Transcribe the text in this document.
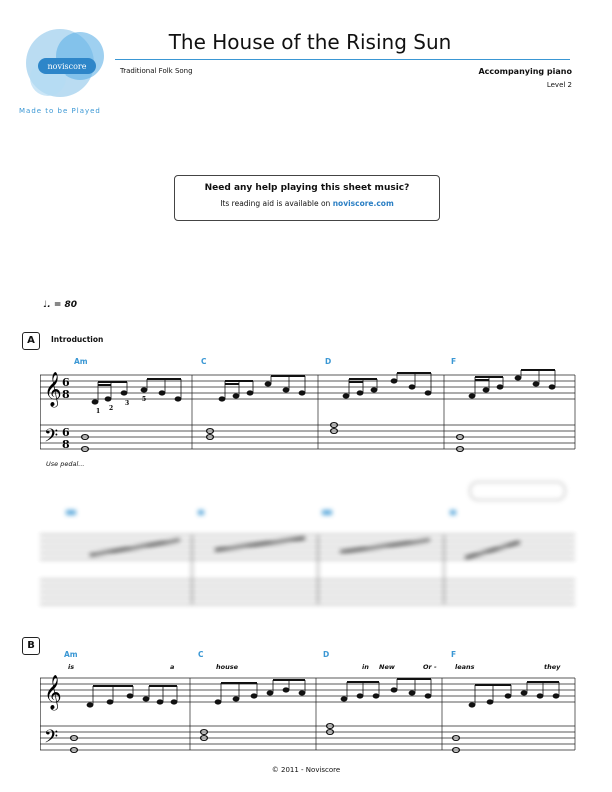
noviscore
Made to be Played
The House of the Rising Sun
Traditional Folk Song	Accompanying piano
Level 2
Need any help playing this sheet music?
Its reading aid is available on noviscore.com
♩. = 80
A	Introduction
Am	C	D	F
𝄞
𝄢
6
8
6
8
1 2
3
5
Use pedal...
B
Am	C	D	F
is	a	house	in New	Or -	leans	they
𝄞
𝄢
© 2011 - Noviscore
